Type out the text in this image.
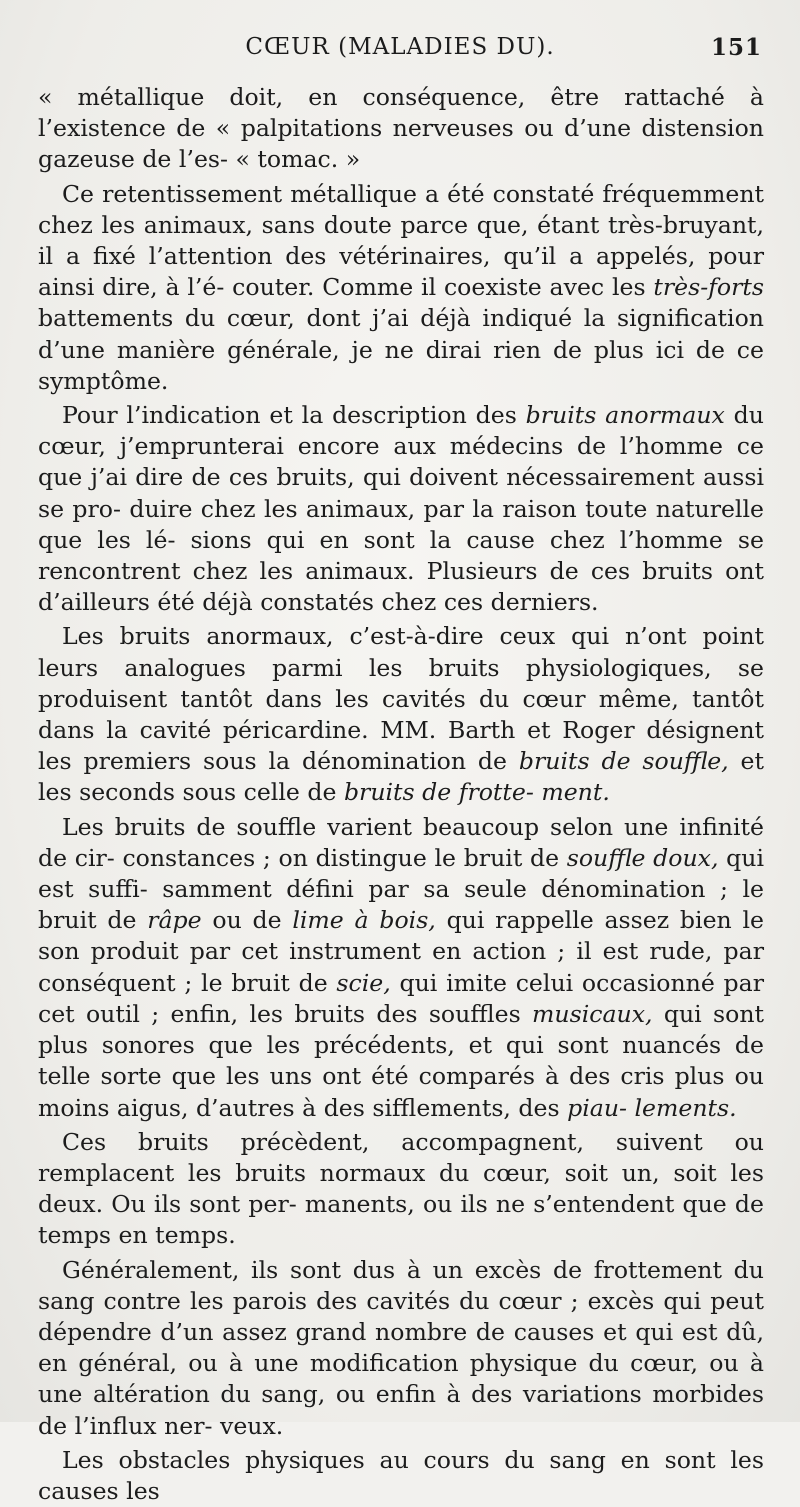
CŒUR (MALADIES DU).	151

« métallique doit, en conséquence, être rattaché à l’existence de « palpitations nerveuses ou d’une distension gazeuse de l’es- « tomac. »

Ce retentissement métallique a été constaté fréquemment chez les animaux, sans doute parce que, étant très-bruyant, il a fixé l’attention des vétérinaires, qu’il a appelés, pour ainsi dire, à l’é- couter. Comme il coexiste avec les très-forts battements du cœur, dont j’ai déjà indiqué la signification d’une manière générale, je ne dirai rien de plus ici de ce symptôme.

Pour l’indication et la description des bruits anormaux du cœur, j’emprunterai encore aux médecins de l’homme ce que j’ai dire de ces bruits, qui doivent nécessairement aussi se pro- duire chez les animaux, par la raison toute naturelle que les lé- sions qui en sont la cause chez l’homme se rencontrent chez les animaux. Plusieurs de ces bruits ont d’ailleurs été déjà constatés chez ces derniers.

Les bruits anormaux, c’est-à-dire ceux qui n’ont point leurs analogues parmi les bruits physiologiques, se produisent tantôt dans les cavités du cœur même, tantôt dans la cavité péricardine. MM. Barth et Roger désignent les premiers sous la dénomination de bruits de souffle, et les seconds sous celle de bruits de frotte- ment.

Les bruits de souffle varient beaucoup selon une infinité de cir- constances ; on distingue le bruit de souffle doux, qui est suffi- samment défini par sa seule dénomination ; le bruit de râpe ou de lime à bois, qui rappelle assez bien le son produit par cet instrument en action ; il est rude, par conséquent ; le bruit de scie, qui imite celui occasionné par cet outil ; enfin, les bruits des souffles musicaux, qui sont plus sonores que les précédents, et qui sont nuancés de telle sorte que les uns ont été comparés à des cris plus ou moins aigus, d’autres à des sifflements, des piau- lements.

Ces bruits précèdent, accompagnent, suivent ou remplacent les bruits normaux du cœur, soit un, soit les deux. Ou ils sont per- manents, ou ils ne s’entendent que de temps en temps.

Généralement, ils sont dus à un excès de frottement du sang contre les parois des cavités du cœur ; excès qui peut dépendre d’un assez grand nombre de causes et qui est dû, en général, ou à une modification physique du cœur, ou à une altération du sang, ou enfin à des variations morbides de l’influx ner- veux.

Les obstacles physiques au cours du sang en sont les causes les
